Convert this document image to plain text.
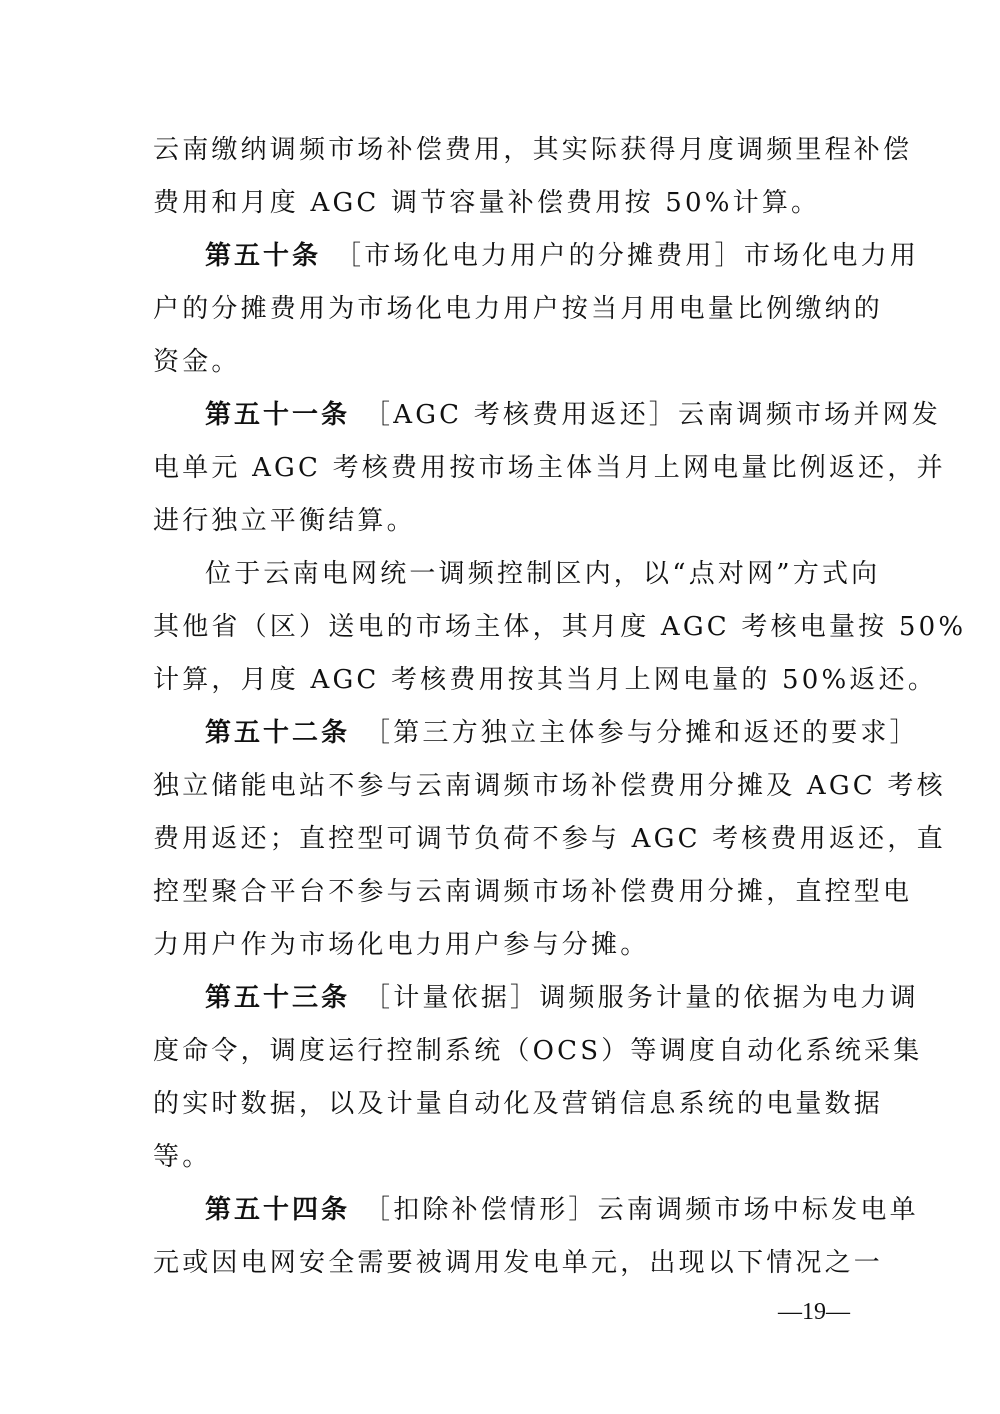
云南缴纳调频市场补偿费用，其实际获得月度调频里程补偿
费用和月度 AGC 调节容量补偿费用按 50%计算。
第五十条 ［市场化电力用户的分摊费用］市场化电力用
户的分摊费用为市场化电力用户按当月用电量比例缴纳的
资金。
第五十一条 ［AGC 考核费用返还］云南调频市场并网发
电单元 AGC 考核费用按市场主体当月上网电量比例返还，并
进行独立平衡结算。
位于云南电网统一调频控制区内，以“点对网”方式向
其他省（区）送电的市场主体，其月度 AGC 考核电量按 50%
计算，月度 AGC 考核费用按其当月上网电量的 50%返还。
第五十二条 ［第三方独立主体参与分摊和返还的要求］
独立储能电站不参与云南调频市场补偿费用分摊及 AGC 考核
费用返还；直控型可调节负荷不参与 AGC 考核费用返还，直
控型聚合平台不参与云南调频市场补偿费用分摊，直控型电
力用户作为市场化电力用户参与分摊。
第五十三条 ［计量依据］调频服务计量的依据为电力调
度命令，调度运行控制系统（OCS）等调度自动化系统采集
的实时数据，以及计量自动化及营销信息系统的电量数据
等。
第五十四条 ［扣除补偿情形］云南调频市场中标发电单
元或因电网安全需要被调用发电单元，出现以下情况之一
—19—
